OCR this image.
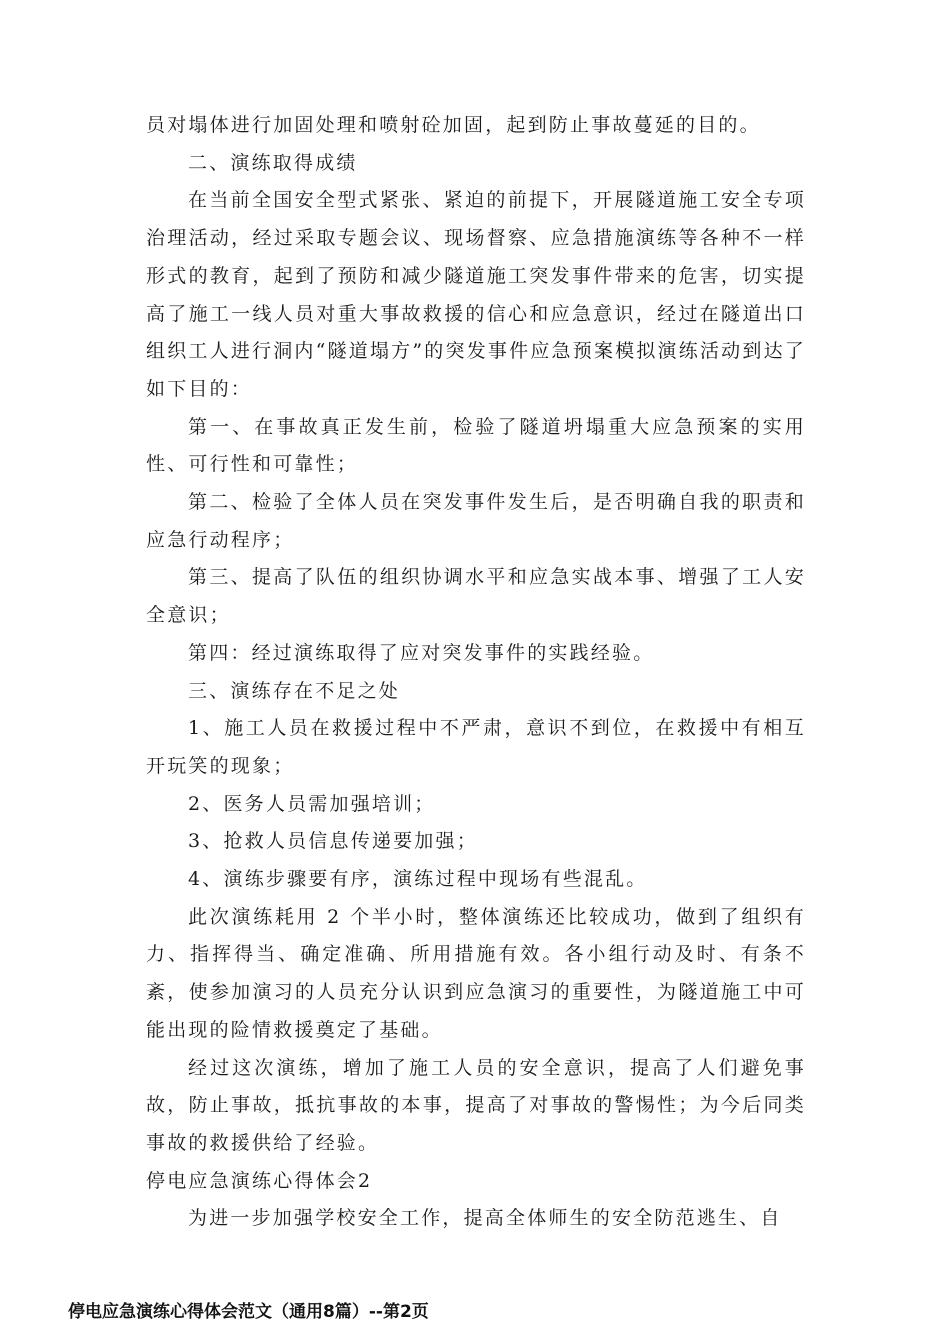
员对塌体进行加固处理和喷射砼加固，起到防止事故蔓延的目的。

二、演练取得成绩

在当前全国安全型式紧张、紧迫的前提下，开展隧道施工安全专项治理活动，经过采取专题会议、现场督察、应急措施演练等各种不一样形式的教育，起到了预防和减少隧道施工突发事件带来的危害，切实提高了施工一线人员对重大事故救援的信心和应急意识，经过在隧道出口组织工人进行洞内“隧道塌方”的突发事件应急预案模拟演练活动到达了如下目的：

第一、在事故真正发生前，检验了隧道坍塌重大应急预案的实用性、可行性和可靠性；

第二、检验了全体人员在突发事件发生后，是否明确自我的职责和应急行动程序；

第三、提高了队伍的组织协调水平和应急实战本事、增强了工人安全意识；

第四：经过演练取得了应对突发事件的实践经验。

三、演练存在不足之处

1、施工人员在救援过程中不严肃，意识不到位，在救援中有相互开玩笑的现象；

2、医务人员需加强培训；

3、抢救人员信息传递要加强；

4、演练步骤要有序，演练过程中现场有些混乱。

此次演练耗用 2 个半小时，整体演练还比较成功，做到了组织有力、指挥得当、确定准确、所用措施有效。各小组行动及时、有条不紊，使参加演习的人员充分认识到应急演习的重要性，为隧道施工中可能出现的险情救援奠定了基础。

经过这次演练，增加了施工人员的安全意识，提高了人们避免事故，防止事故，抵抗事故的本事，提高了对事故的警惕性；为今后同类事故的救援供给了经验。

停电应急演练心得体会2

为进一步加强学校安全工作，提高全体师生的安全防范逃生、自

停电应急演练心得体会范文（通用8篇）--第2页
